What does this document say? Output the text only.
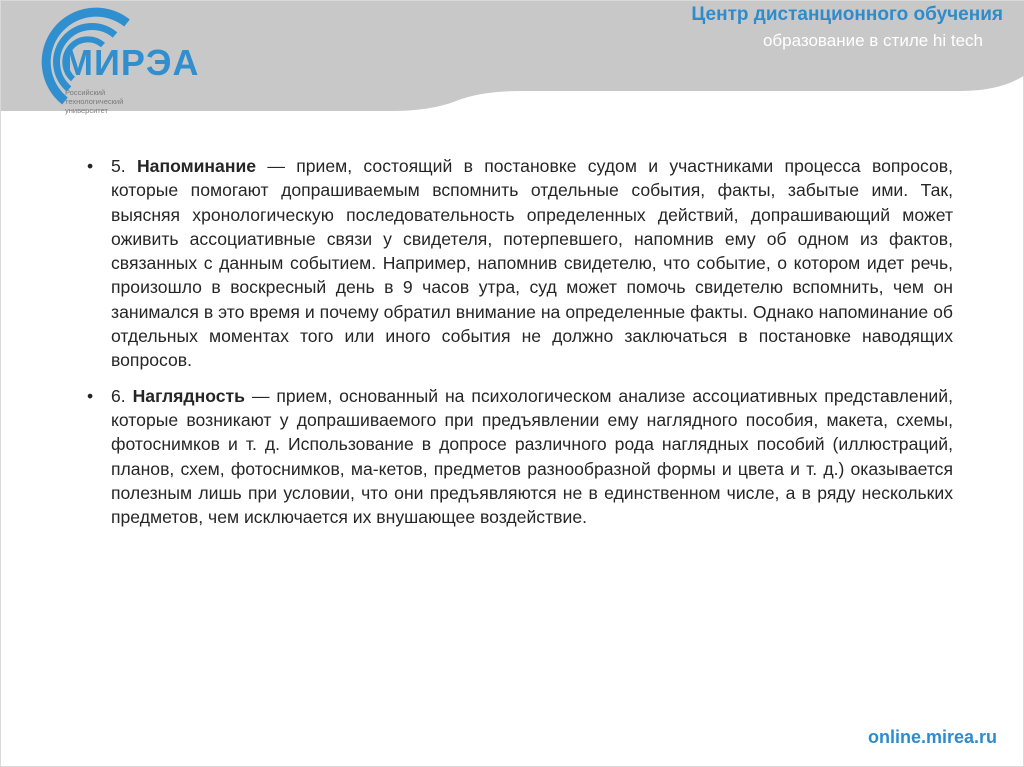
МИРЭА
Российский
технологический
университет
Центр дистанционного обучения
образование в стиле hi tech
• 5. Напоминание — прием, состоящий в постановке судом и участниками процесса вопросов, которые помогают допрашиваемым вспомнить отдельные события, факты, забытые ими. Так, выясняя хронологическую последовательность определенных действий, допрашивающий может оживить ассоциативные связи у свидетеля, потерпевшего, напомнив ему об одном из фактов, связанных с данным событием. Например, напомнив свидетелю, что событие, о котором идет речь, произошло в воскресный день в 9 часов утра, суд может помочь свидетелю вспомнить, чем он занимался в это время и почему обратил внимание на определенные факты. Однако напоминание об отдельных моментах того или иного события не должно заключаться в постановке наводящих вопросов.
• 6. Наглядность — прием, основанный на психологическом анализе ассоциативных представлений, которые возникают у допрашиваемого при предъявлении ему наглядного пособия, макета, схемы, фотоснимков и т. д. Использование в допросе различного рода наглядных пособий (иллюстраций, планов, схем, фотоснимков, ма-кетов, предметов разнообразной формы и цвета и т. д.) оказывается полезным лишь при условии, что они предъявляются не в единственном числе, а в ряду нескольких предметов, чем исключается их внушающее воздействие.
online.mirea.ru
